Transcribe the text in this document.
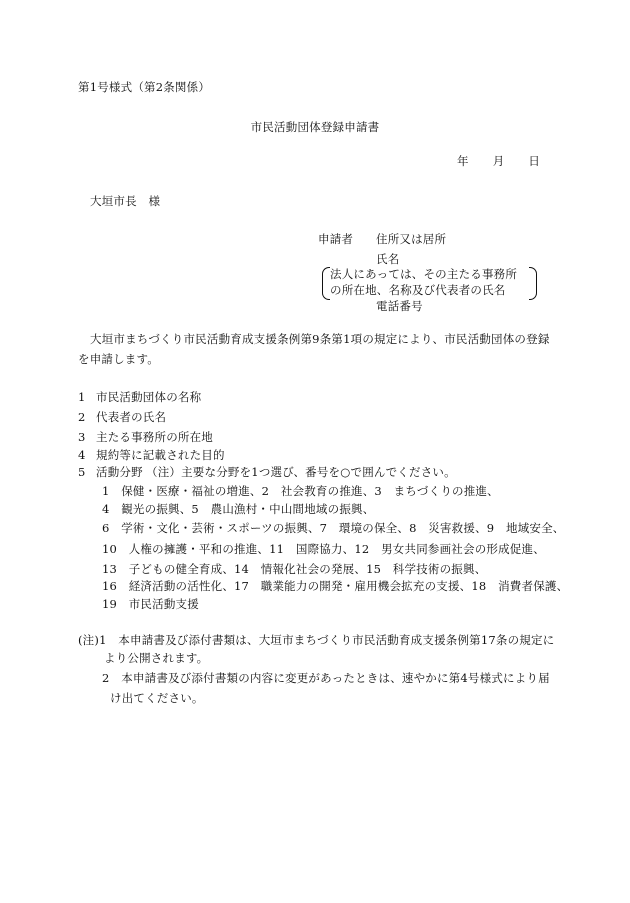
第1号様式（第2条関係）
市民活動団体登録申請書
年 月 日
大垣市長　様
申請者 住所又は居所
氏名
法人にあっては、その主たる事務所
の所在地、名称及び代表者の氏名
電話番号
大垣市まちづくり市民活動育成支援条例第9条第1項の規定により、市民活動団体の登録
を申請します。
1 市民活動団体の名称
2 代表者の氏名
3 主たる事務所の所在地
4 規約等に記載された目的
5 活動分野 （注）主要な分野を1つ選び、番号を○で囲んでください。
1　保健・医療・福祉の増進、2　社会教育の推進、3　まちづくりの推進、
4　観光の振興、5　農山漁村・中山間地域の振興、
6　学術・文化・芸術・スポーツの振興、7　環境の保全、8　災害救援、9　地域安全、
10　人権の擁護・平和の推進、11　国際協力、12　男女共同参画社会の形成促進、
13　子どもの健全育成、14　情報化社会の発展、15　科学技術の振興、
16　経済活動の活性化、17　職業能力の開発・雇用機会拡充の支援、18　消費者保護、
19　市民活動支援
(注)1　本申請書及び添付書類は、大垣市まちづくり市民活動育成支援条例第17条の規定に
より公開されます。
2　本申請書及び添付書類の内容に変更があったときは、速やかに第4号様式により届
け出てください。
